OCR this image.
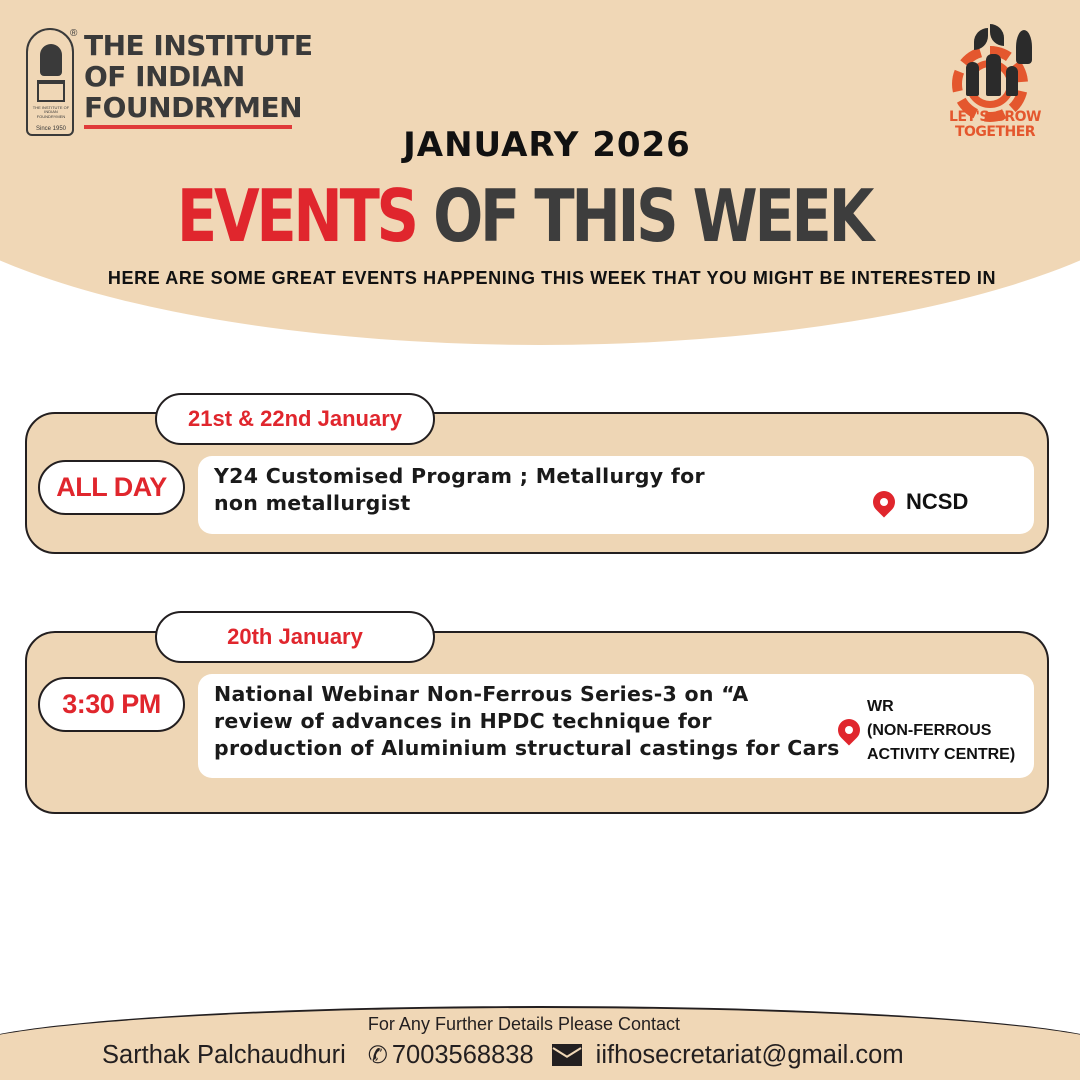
THE INSTITUTE OF INDIAN FOUNDRYMEN
Since 1950
® THE INSTITUTE
OF INDIAN
FOUNDRYMEN	LET'S GROW
TOGETHER
JANUARY 2026
EVENTS OF THIS WEEK
HERE ARE SOME GREAT EVENTS HAPPENING THIS WEEK THAT YOU MIGHT BE INTERESTED IN
21st & 22nd January
ALL DAY	Y24 Customised Program ; Metallurgy for
non metallurgist	NCSD
20th January
3:30 PM	National Webinar Non-Ferrous Series-3 on “A
review of advances in HPDC technique for
production of Aluminium structural castings for Cars
WR
(NON-FERROUS
ACTIVITY CENTRE)
For Any Further Details Please Contact
Sarthak Palchaudhuri ✆ 7003568838 iifhosecretariat@gmail.com
